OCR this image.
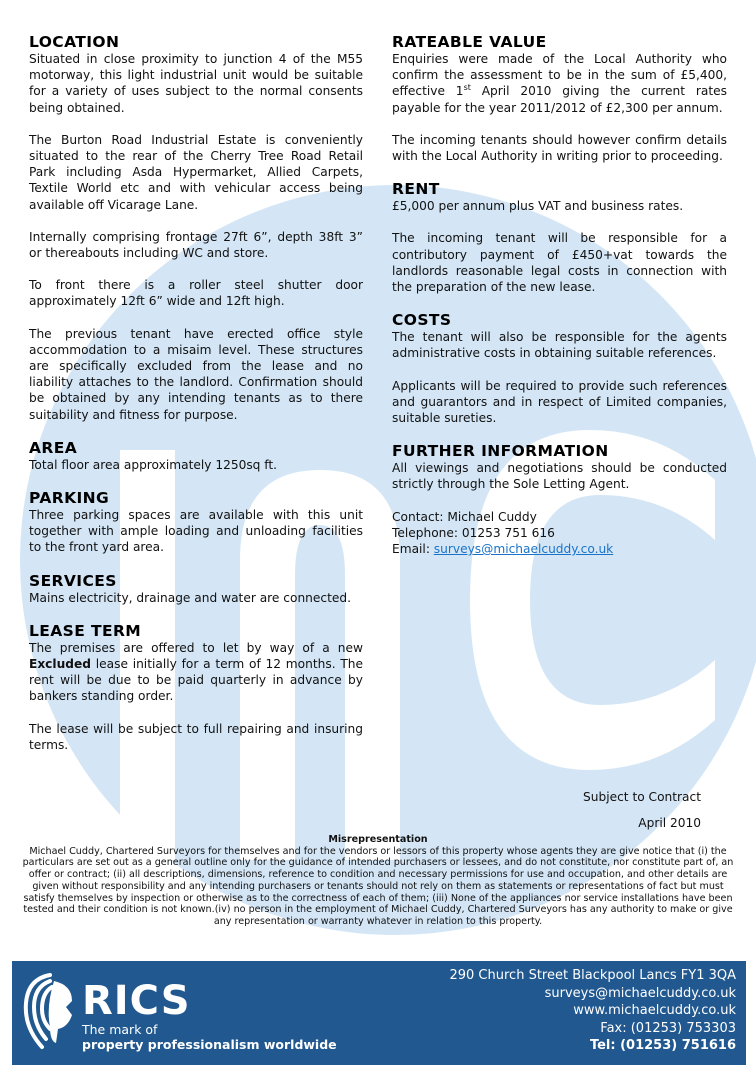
LOCATION

Situated in close proximity to junction 4 of the M55 motorway, this light industrial unit would be suitable for a variety of uses subject to the normal consents being obtained.

The Burton Road Industrial Estate is conveniently situated to the rear of the Cherry Tree Road Retail Park including Asda Hypermarket, Allied Carpets, Textile World etc and with vehicular access being available off Vicarage Lane.

Internally comprising frontage 27ft 6”, depth 38ft 3” or thereabouts including WC and store.

To front there is a roller steel shutter door approximately 12ft 6” wide and 12ft high.

The previous tenant have erected office style accommodation to a misaim level. These structures are specifically excluded from the lease and no liability attaches to the landlord. Confirmation should be obtained by any intending tenants as to there suitability and fitness for purpose.

AREA

Total floor area approximately 1250sq ft.

PARKING

Three parking spaces are available with this unit together with ample loading and unloading facilities to the front yard area.

SERVICES

Mains electricity, drainage and water are connected.

LEASE TERM

The premises are offered to let by way of a new Excluded lease initially for a term of 12 months. The rent will be due to be paid quarterly in advance by bankers standing order.

The lease will be subject to full repairing and insuring terms.

RATEABLE VALUE

Enquiries were made of the Local Authority who confirm the assessment to be in the sum of £5,400, effective 1st April 2010 giving the current rates payable for the year 2011/2012 of £2,300 per annum.

The incoming tenants should however confirm details with the Local Authority in writing prior to proceeding.

RENT

£5,000 per annum plus VAT and business rates.

The incoming tenant will be responsible for a contributory payment of £450+vat towards the landlords reasonable legal costs in connection with the preparation of the new lease.

COSTS

The tenant will also be responsible for the agents administrative costs in obtaining suitable references.

Applicants will be required to provide such references and guarantors and in respect of Limited companies, suitable sureties.

FURTHER INFORMATION

All viewings and negotiations should be conducted strictly through the Sole Letting Agent.

Contact: Michael Cuddy
Telephone: 01253 751 616
Email: surveys@michaelcuddy.co.uk
Subject to Contract
April 2010
Misrepresentation
Michael Cuddy, Chartered Surveyors for themselves and for the vendors or lessors of this property whose agents they are give notice that (i) the particulars are set out as a general outline only for the guidance of intended purchasers or lessees, and do not constitute, nor constitute part of, an offer or contract; (ii) all descriptions, dimensions, reference to condition and necessary permissions for use and occupation, and other details are given without responsibility and any intending purchasers or tenants should not rely on them as statements or representations of fact but must satisfy themselves by inspection or otherwise as to the correctness of each of them; (iii) None of the appliances nor service installations have been tested and their condition is not known.(iv) no person in the employment of Michael Cuddy, Chartered Surveyors has any authority to make or give any representation or warranty whatever in relation to this property.
RICS
The mark of
property professionalism worldwide
290 Church Street Blackpool Lancs FY1 3QA
surveys@michaelcuddy.co.uk
www.michaelcuddy.co.uk
Fax: (01253) 753303
Tel: (01253) 751616
